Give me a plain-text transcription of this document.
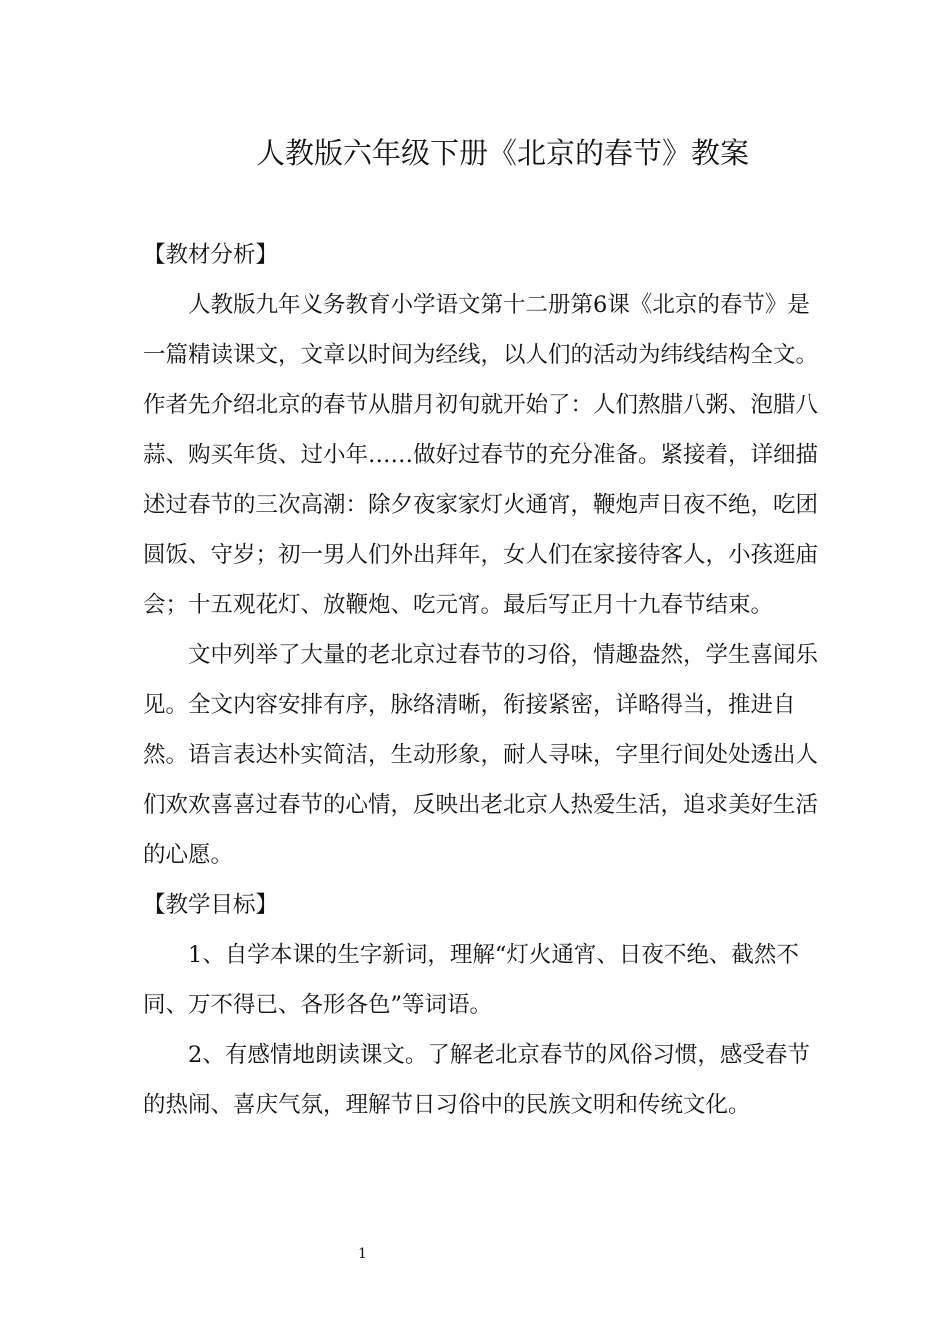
人教版六年级下册《北京的春节》教案

【教材分析】

人教版九年义务教育小学语文第十二册第6课《北京的春节》是一篇精读课文，文章以时间为经线，以人们的活动为纬线结构全文。

作者先介绍北京的春节从腊月初旬就开始了：人们熬腊八粥、泡腊八蒜、购买年货、过小年……做好过春节的充分准备。紧接着，详细描述过春节的三次高潮：除夕夜家家灯火通宵，鞭炮声日夜不绝，吃团圆饭、守岁；初一男人们外出拜年，女人们在家接待客人，小孩逛庙会；十五观花灯、放鞭炮、吃元宵。最后写正月十九春节结束。

文中列举了大量的老北京过春节的习俗，情趣盎然，学生喜闻乐见。全文内容安排有序，脉络清晰，衔接紧密，详略得当，推进自然。语言表达朴实简洁，生动形象，耐人寻味，字里行间处处透出人们欢欢喜喜过春节的心情，反映出老北京人热爱生活，追求美好生活的心愿。

【教学目标】

1、自学本课的生字新词，理解“灯火通宵、日夜不绝、截然不同、万不得已、各形各色”等词语。

2、有感情地朗读课文。了解老北京春节的风俗习惯，感受春节的热闹、喜庆气氛，理解节日习俗中的民族文明和传统文化。

1
